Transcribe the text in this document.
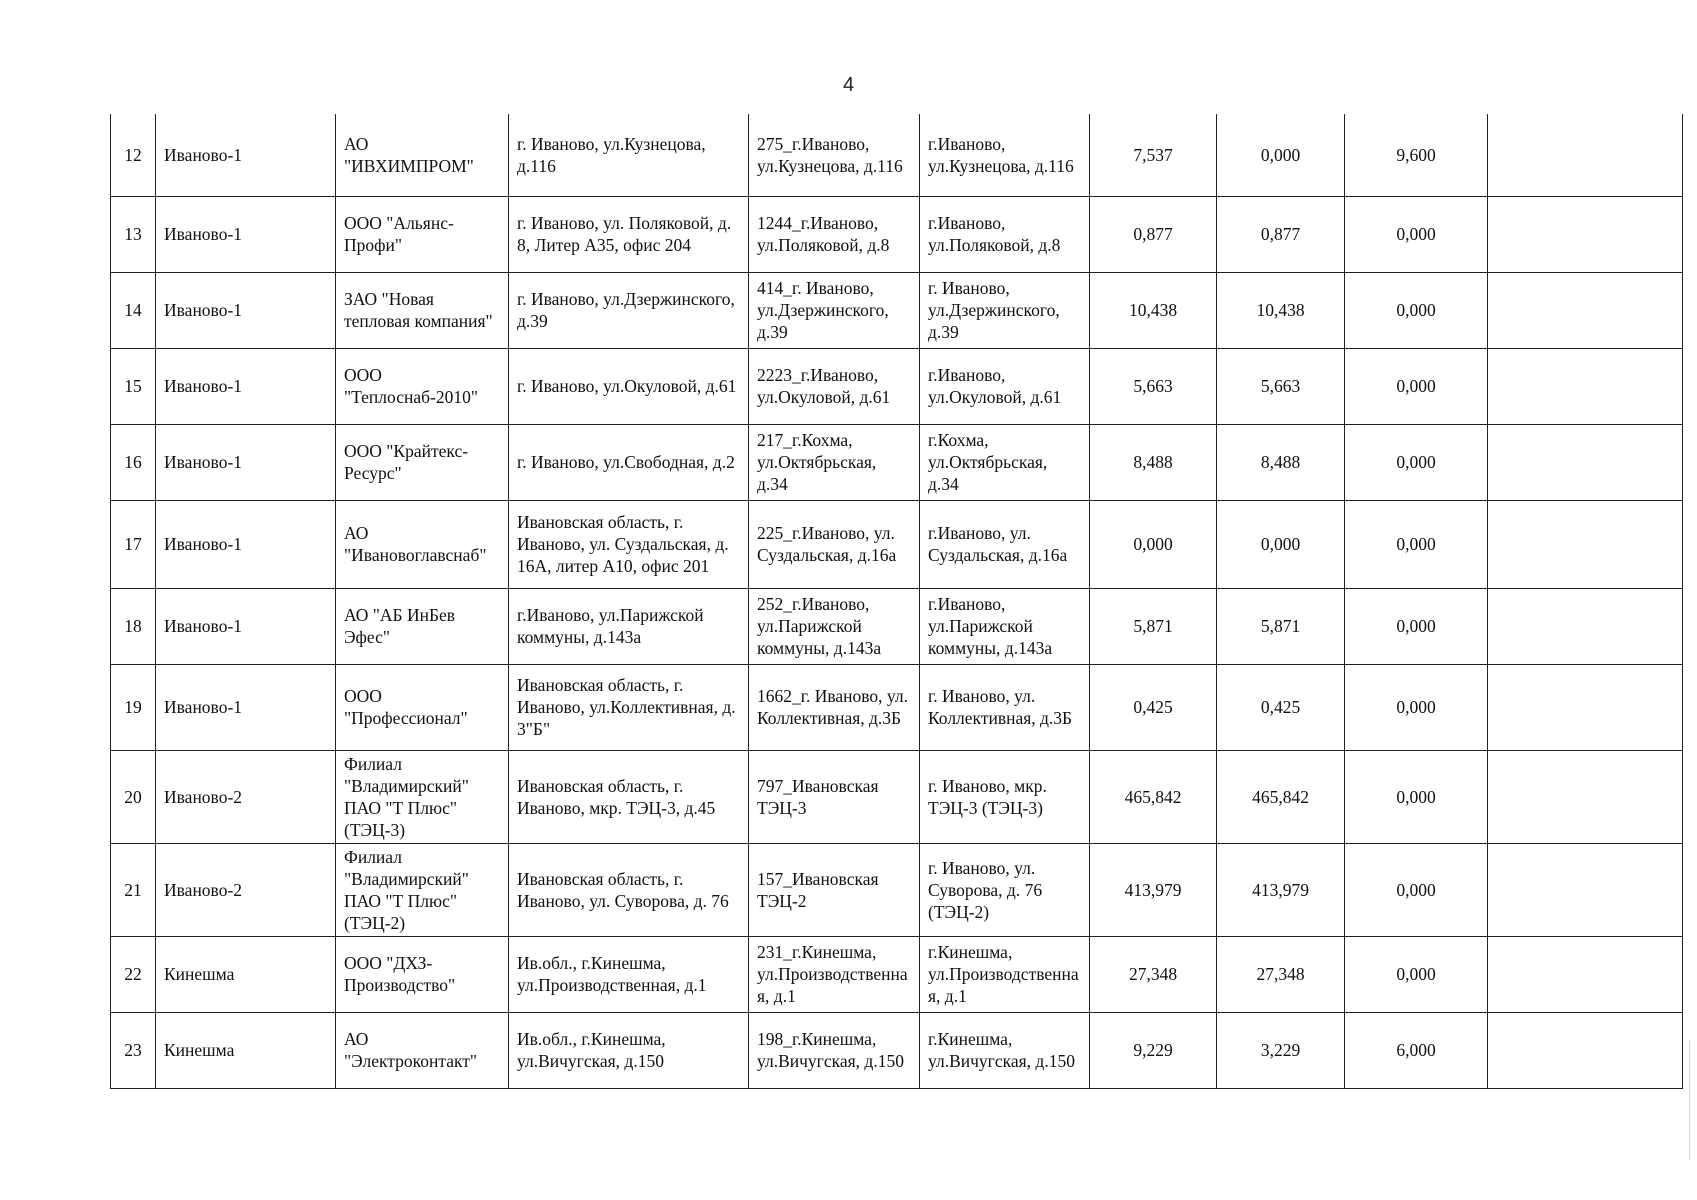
4
12	Иваново-1	АО "ИВХИМПРОМ"	г. Иваново, ул.Кузнецова, д.116	275_г.Иваново, ул.Кузнецова, д.116	г.Иваново, ул.Кузнецова, д.116	7,537	0,000	9,600	
13	Иваново-1	ООО "Альянс-Профи"	г. Иваново, ул. Поляковой, д. 8, Литер А35, офис 204	1244_г.Иваново, ул.Поляковой, д.8	г.Иваново, ул.Поляковой, д.8	0,877	0,877	0,000	
14	Иваново-1	ЗАО "Новая тепловая компания"	г. Иваново, ул.Дзержинского, д.39	414_г. Иваново, ул.Дзержинского, д.39	г. Иваново, ул.Дзержинского, д.39	10,438	10,438	0,000	
15	Иваново-1	ООО "Теплоснаб-2010"	г. Иваново, ул.Окуловой, д.61	2223_г.Иваново, ул.Окуловой, д.61	г.Иваново, ул.Окуловой, д.61	5,663	5,663	0,000	
16	Иваново-1	ООО "Крайтекс-Ресурс"	г. Иваново, ул.Свободная, д.2	217_г.Кохма, ул.Октябрьская, д.34	г.Кохма, ул.Октябрьская, д.34	8,488	8,488	0,000	
17	Иваново-1	АО "Ивановоглавснаб"	Ивановская область, г. Иваново, ул. Суздальская, д. 16А, литер А10, офис 201	225_г.Иваново, ул. Суздальская, д.16а	г.Иваново, ул. Суздальская, д.16а	0,000	0,000	0,000	
18	Иваново-1	АО "АБ ИнБев Эфес"	г.Иваново, ул.Парижской коммуны, д.143а	252_г.Иваново, ул.Парижской коммуны, д.143а	г.Иваново, ул.Парижской коммуны, д.143а	5,871	5,871	0,000	
19	Иваново-1	ООО "Профессионал"	Ивановская область, г. Иваново, ул.Коллективная, д. 3"Б"	1662_г. Иваново, ул. Коллективная, д.3Б	г. Иваново, ул. Коллективная, д.3Б	0,425	0,425	0,000	
20	Иваново-2	Филиал "Владимирский" ПАО "Т Плюс" (ТЭЦ-3)	Ивановская область, г. Иваново, мкр. ТЭЦ-3, д.45	797_Ивановская ТЭЦ-3	г. Иваново, мкр. ТЭЦ-3 (ТЭЦ-3)	465,842	465,842	0,000	
21	Иваново-2	Филиал "Владимирский" ПАО "Т Плюс" (ТЭЦ-2)	Ивановская область, г. Иваново, ул. Суворова, д. 76	157_Ивановская ТЭЦ-2	г. Иваново, ул. Суворова, д. 76 (ТЭЦ-2)	413,979	413,979	0,000	
22	Кинешма	ООО "ДХЗ-Производство"	Ив.обл., г.Кинешма, ул.Производственная, д.1	231_г.Кинешма, ул.Производственная, д.1	г.Кинешма, ул.Производственная, д.1	27,348	27,348	0,000	
23	Кинешма	АО "Электроконтакт"	Ив.обл., г.Кинешма, ул.Вичугская, д.150	198_г.Кинешма, ул.Вичугская, д.150	г.Кинешма, ул.Вичугская, д.150	9,229	3,229	6,000	
